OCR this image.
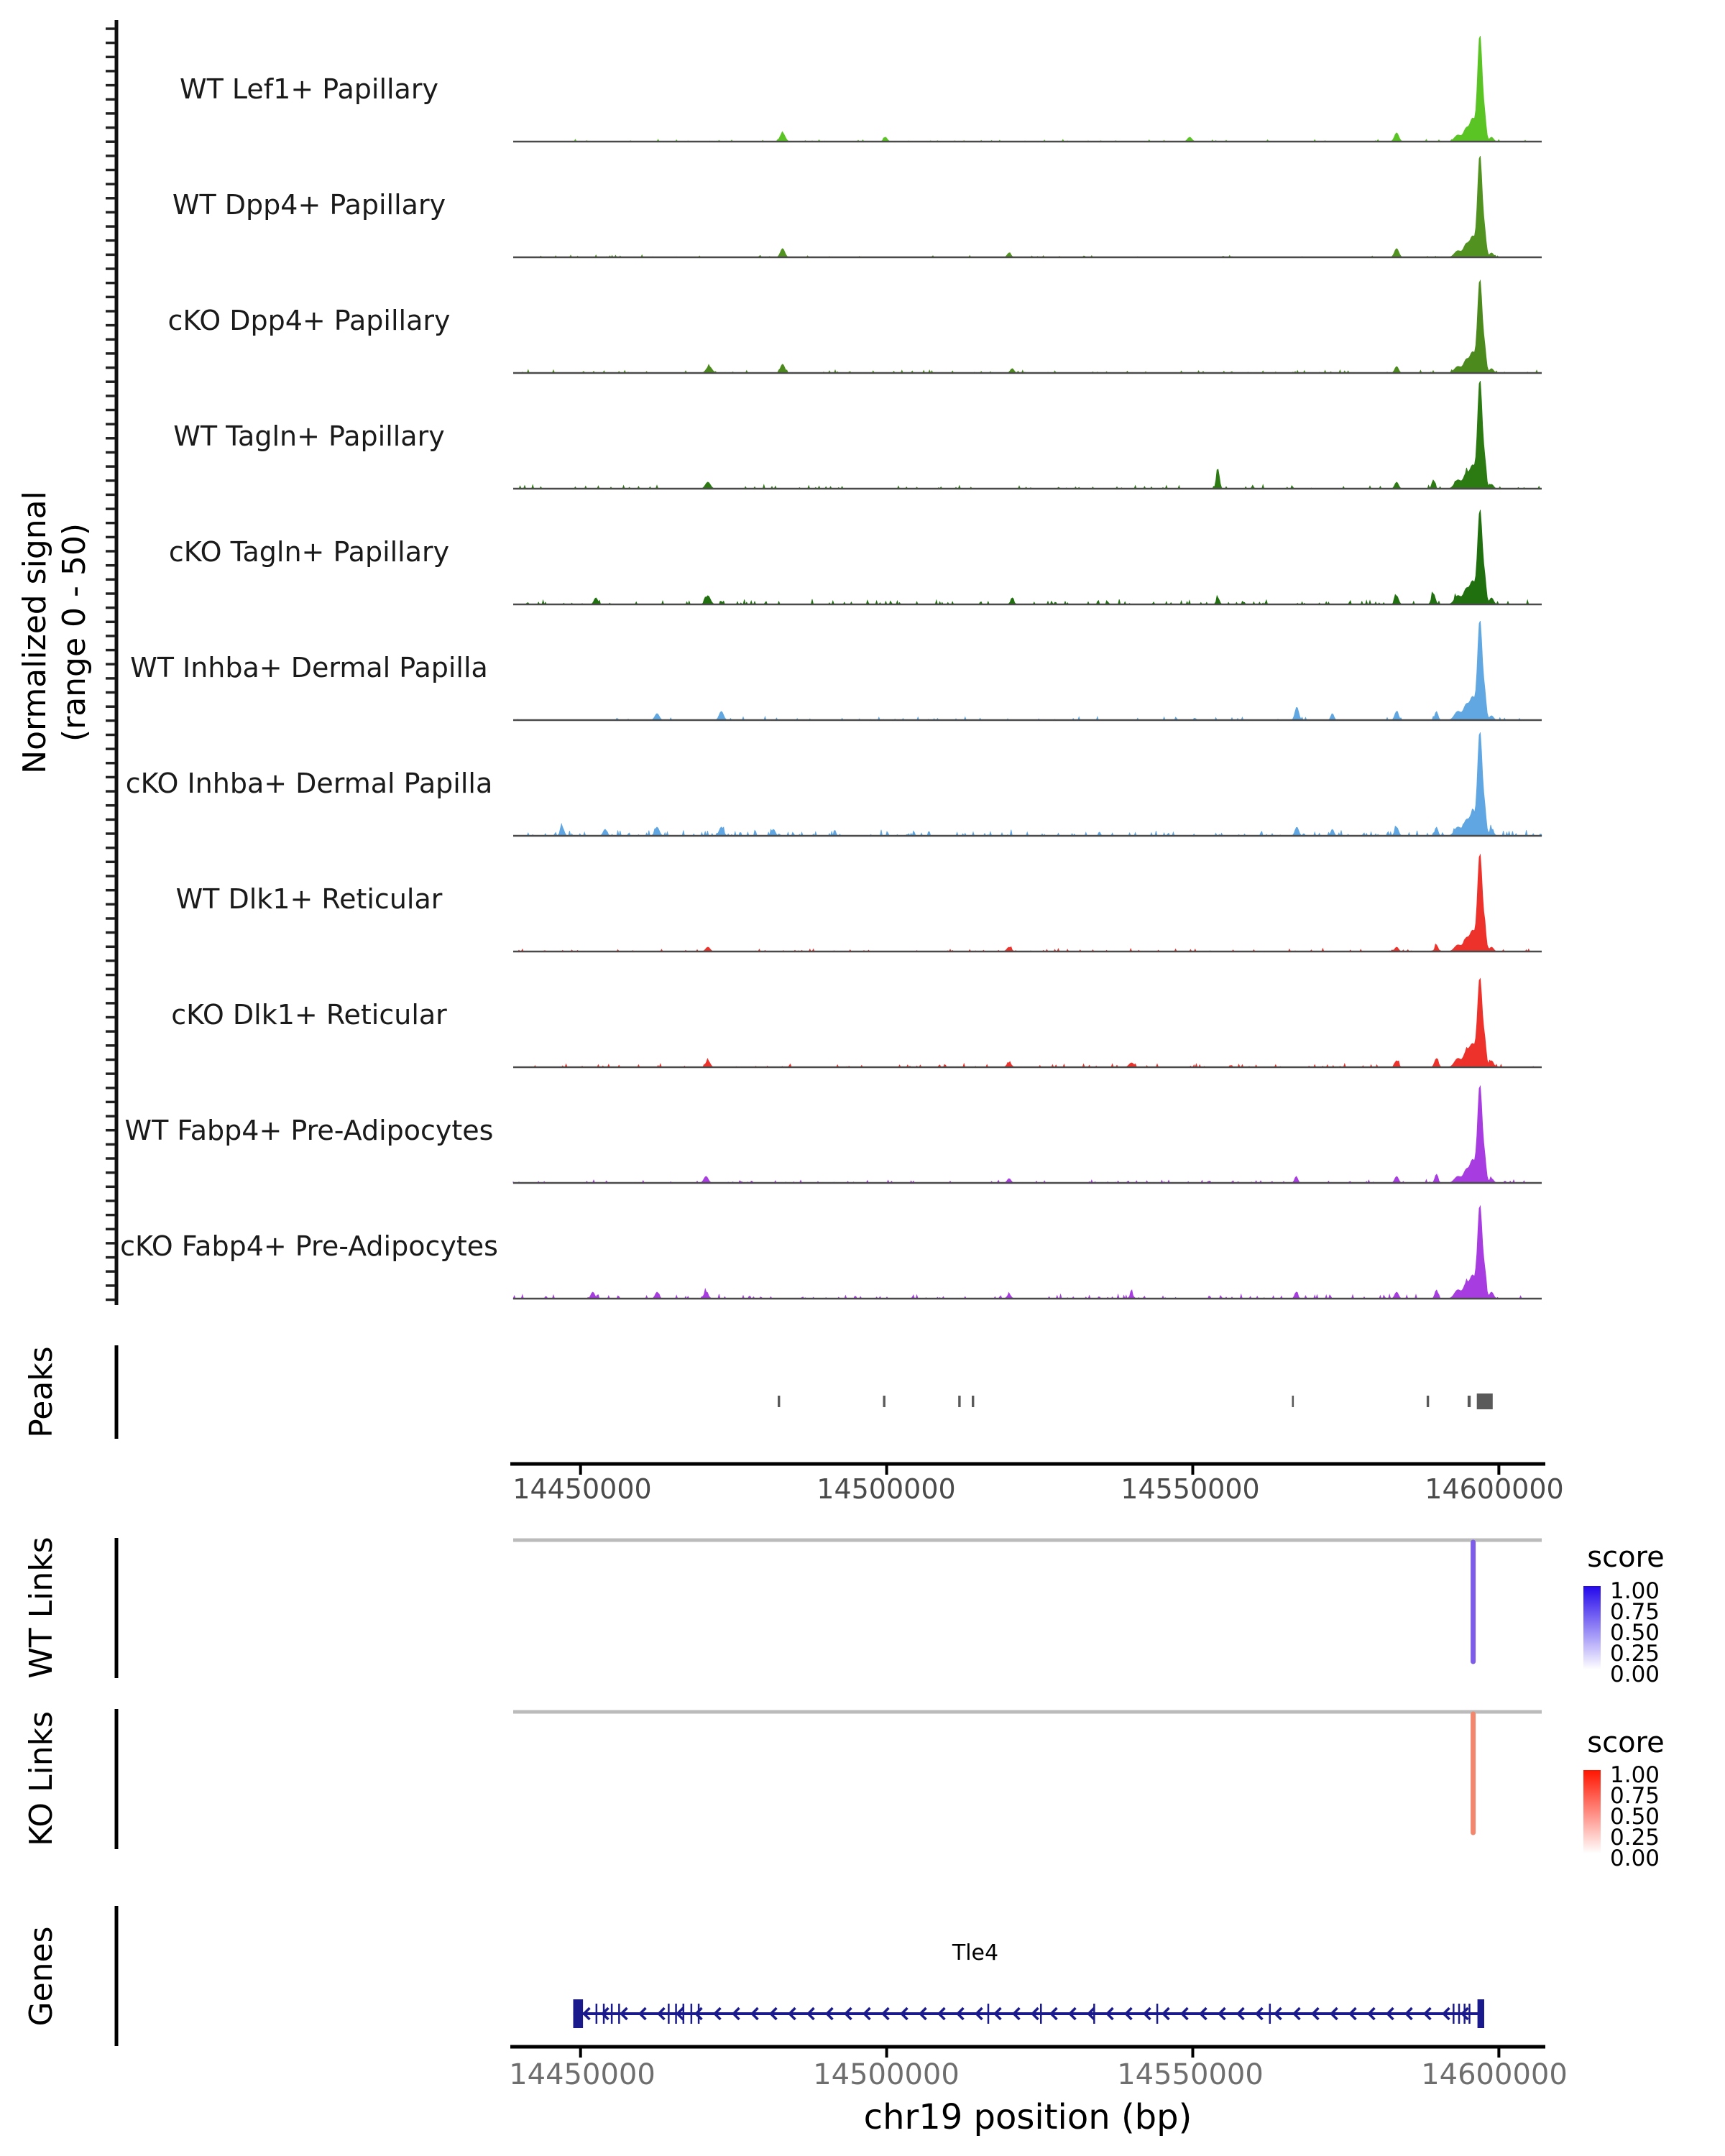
Normalized signal (range 0 - 50)
WT Lef1+ Papillary
WT Dpp4+ Papillary
cKO Dpp4+ Papillary
WT Tagln+ Papillary
cKO Tagln+ Papillary
WT Inhba+ Dermal Papilla
cKO Inhba+ Dermal Papilla
WT Dlk1+ Reticular
cKO Dlk1+ Reticular
WT Fabp4+ Pre-Adipocytes
cKO Fabp4+ Pre-Adipocytes
Peaks
WT Links
KO Links
Genes
14450000	14500000	14550000	14600000
score
1.00
0.75
0.50
0.25
0.00
score
1.00
0.75
0.50
0.25
0.00
Tle4
14450000	14500000	14550000	14600000
chr19 position (bp)
